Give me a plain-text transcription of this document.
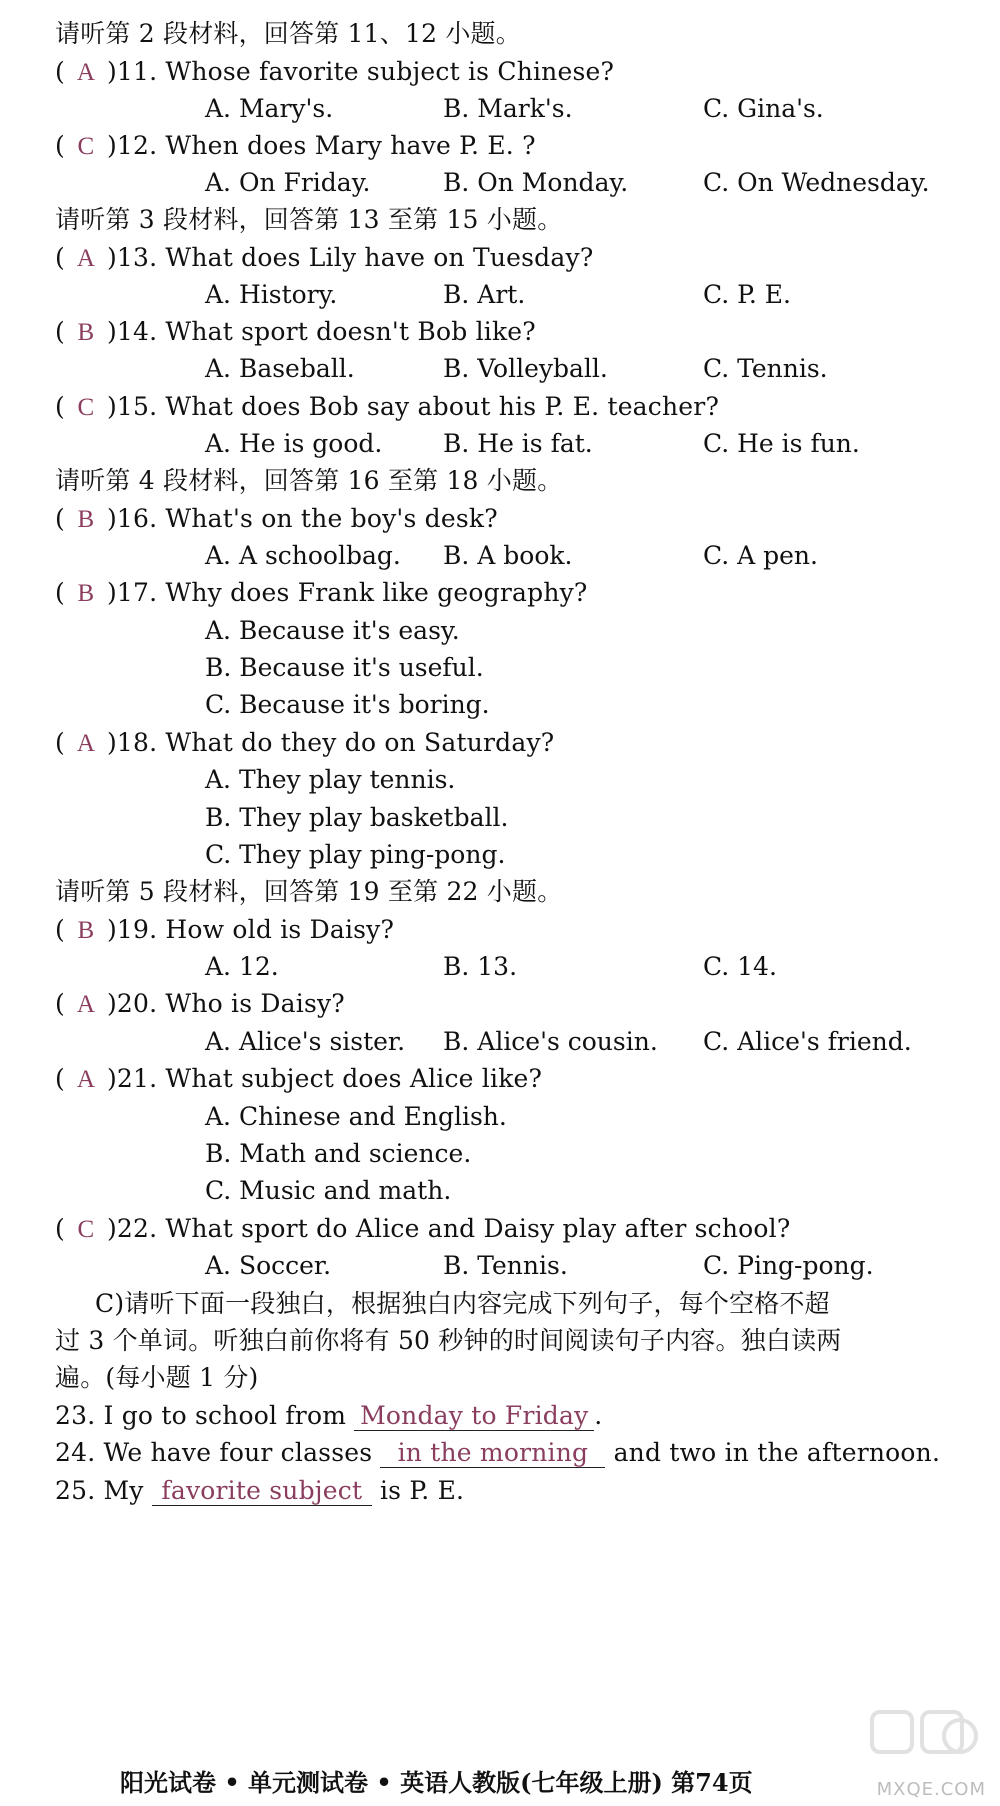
请听第 2 段材料，回答第 11、12 小题。
( A )11. Whose favorite subject is Chinese?
A. Mary's.	B. Mark's.	C. Gina's.
( C )12. When does Mary have P. E. ?
A. On Friday.	B. On Monday.	C. On Wednesday.
请听第 3 段材料，回答第 13 至第 15 小题。
( A )13. What does Lily have on Tuesday?
A. History.	B. Art.	C. P. E.
( B )14. What sport doesn't Bob like?
A. Baseball.	B. Volleyball.	C. Tennis.
( C )15. What does Bob say about his P. E. teacher?
A. He is good. B. He is fat.	C. He is fun.
请听第 4 段材料，回答第 16 至第 18 小题。
( B )16. What's on the boy's desk?
A. A schoolbag. B. A book.	C. A pen.
( B )17. Why does Frank like geography?
A. Because it's easy.
B. Because it's useful.
C. Because it's boring.
( A )18. What do they do on Saturday?
A. They play tennis.
B. They play basketball.
C. They play ping-pong.
请听第 5 段材料，回答第 19 至第 22 小题。
( B )19. How old is Daisy?
A. 12.	B. 13.	C. 14.
( A )20. Who is Daisy?
A. Alice's sister. B. Alice's cousin. C. Alice's friend.
( A )21. What subject does Alice like?
A. Chinese and English.
B. Math and science.
C. Music and math.
( C )22. What sport do Alice and Daisy play after school?
A. Soccer.	B. Tennis.	C. Ping-pong.
C)请听下面一段独白，根据独白内容完成下列句子，每个空格不超
过 3 个单词。听独白前你将有 50 秒钟的时间阅读句子内容。独白读两
遍。(每小题 1 分)
23. I go to school from Monday to Friday .
24. We have four classes in the morning and two in the afternoon.
25. My favorite subject is P. E.
阳光试卷 • 单元测试卷 • 英语人教版(七年级上册) 第74页	MXQE.COM
